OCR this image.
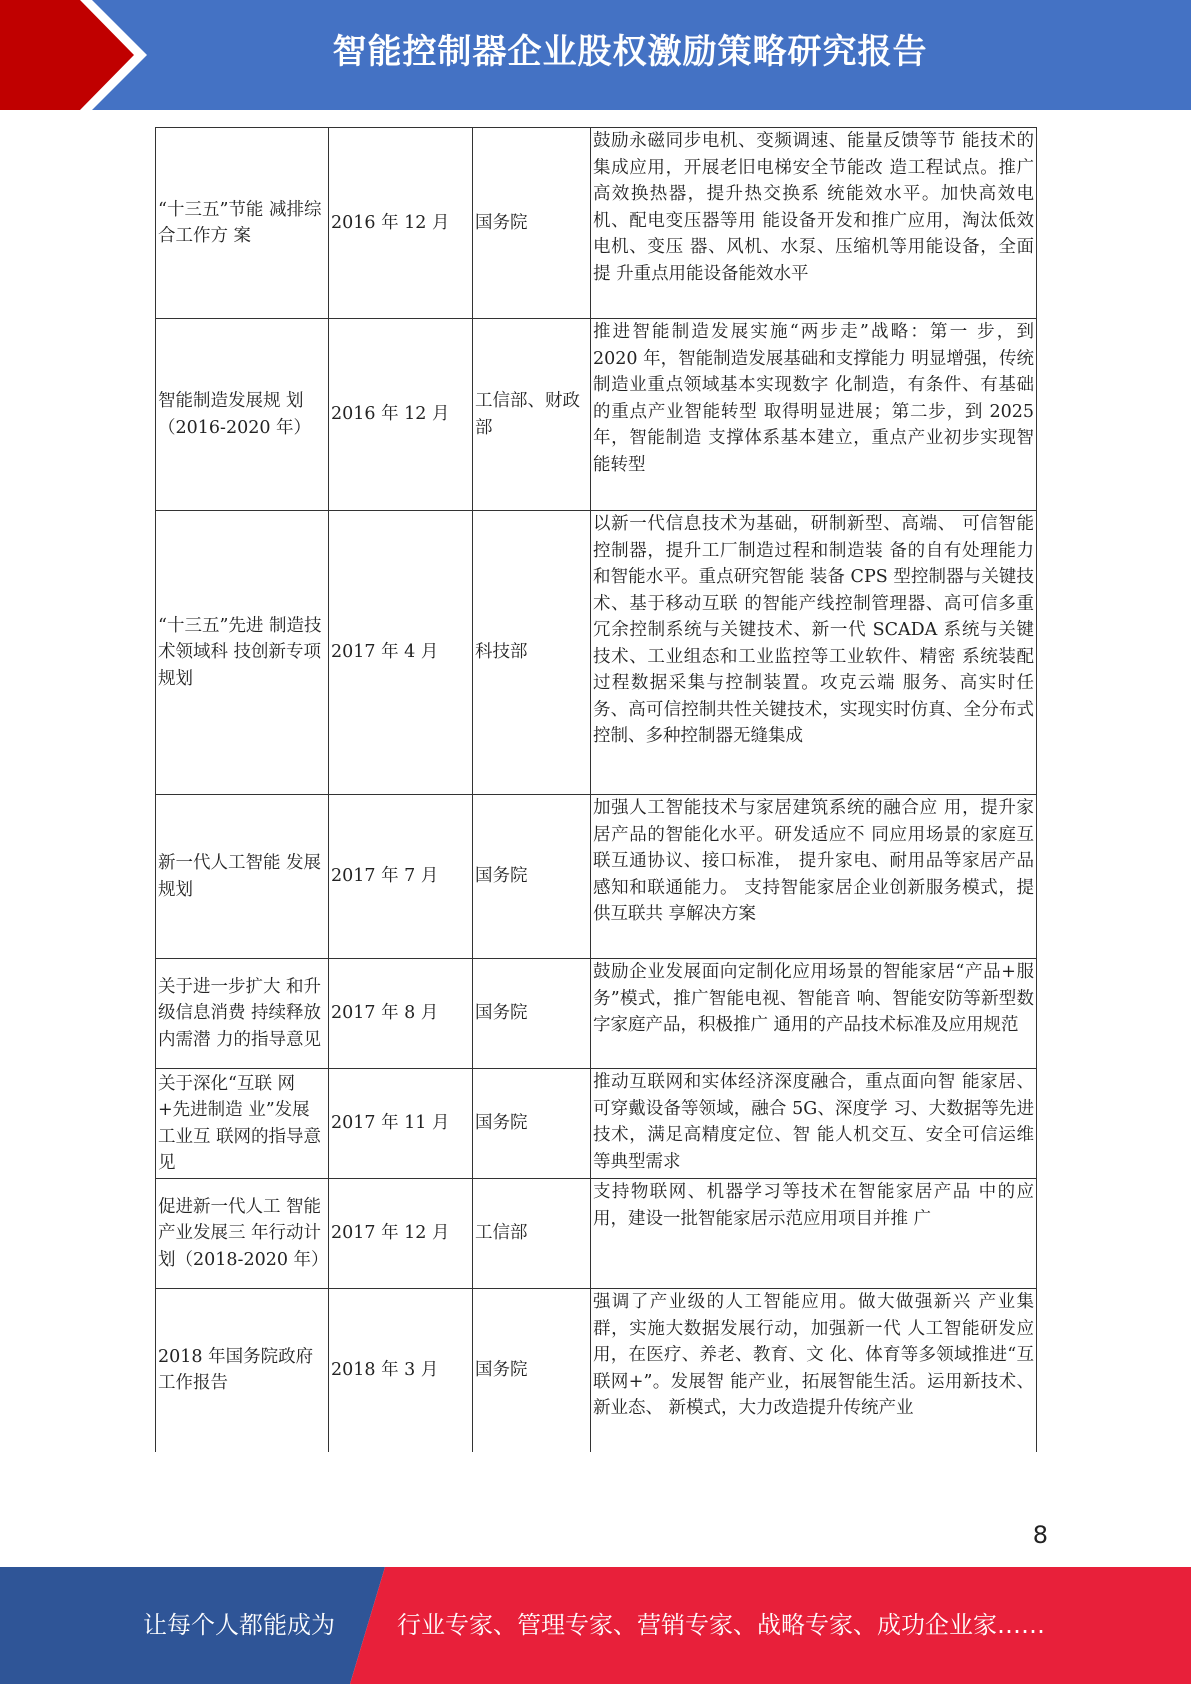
智能控制器企业股权激励策略研究报告
“十三五”节能 减排综合工作方 案	2016 年 12 月	国务院	鼓励永磁同步电机、变频调速、能量反馈等节 能技术的集成应用，开展老旧电梯安全节能改 造工程试点。推广高效换热器，提升热交换系 统能效水平。加快高效电机、配电变压器等用 能设备开发和推广应用，淘汰低效电机、变压 器、风机、水泵、压缩机等用能设备，全面提 升重点用能设备能效水平
智能制造发展规 划（2016-2020 年）	2016 年 12 月	工信部、财政部	推进智能制造发展实施“两步走”战略：第一 步，到 2020 年，智能制造发展基础和支撑能力 明显增强，传统制造业重点领域基本实现数字 化制造，有条件、有基础的重点产业智能转型 取得明显进展；第二步，到 2025 年，智能制造 支撑体系基本建立，重点产业初步实现智能转型
“十三五”先进 制造技术领域科 技创新专项规划	2017 年 4 月	科技部	以新一代信息技术为基础，研制新型、高端、 可信智能控制器，提升工厂制造过程和制造装 备的自有处理能力和智能水平。重点研究智能 装备 CPS 型控制器与关键技术、基于移动互联 的智能产线控制管理器、高可信多重冗余控制系统与关键技术、新一代 SCADA 系统与关键 技术、工业组态和工业监控等工业软件、精密 系统装配过程数据采集与控制装置。攻克云端 服务、高实时任务、高可信控制共性关键技术，实现实时仿真、全分布式控制、多种控制器无缝集成
新一代人工智能 发展规划	2017 年 7 月	国务院	加强人工智能技术与家居建筑系统的融合应 用，提升家居产品的智能化水平。研发适应不 同应用场景的家庭互联互通协议、接口标准， 提升家电、耐用品等家居产品感知和联通能力。 支持智能家居企业创新服务模式，提供互联共 享解决方案
关于进一步扩大 和升级信息消费 持续释放内需潜 力的指导意见	2017 年 8 月	国务院	鼓励企业发展面向定制化应用场景的智能家居“产品+服务”模式，推广智能电视、智能音 响、智能安防等新型数字家庭产品，积极推广 通用的产品技术标准及应用规范
关于深化“互联 网+先进制造 业”发展工业互 联网的指导意见	2017 年 11 月	国务院	推动互联网和实体经济深度融合，重点面向智 能家居、可穿戴设备等领域，融合 5G、深度学 习、大数据等先进技术，满足高精度定位、智 能人机交互、安全可信运维等典型需求
促进新一代人工 智能产业发展三 年行动计划（2018-2020 年）	2017 年 12 月	工信部	支持物联网、机器学习等技术在智能家居产品 中的应用，建设一批智能家居示范应用项目并推 广
2018 年国务院政府工作报告	2018 年 3 月	国务院	强调了产业级的人工智能应用。做大做强新兴 产业集群，实施大数据发展行动，加强新一代 人工智能研发应用，在医疗、养老、教育、文 化、体育等多领域推进“互联网+”。发展智 能产业，拓展智能生活。运用新技术、新业态、 新模式，大力改造提升传统产业
8
让每个人都能成为	行业专家、管理专家、营销专家、战略专家、成功企业家……
